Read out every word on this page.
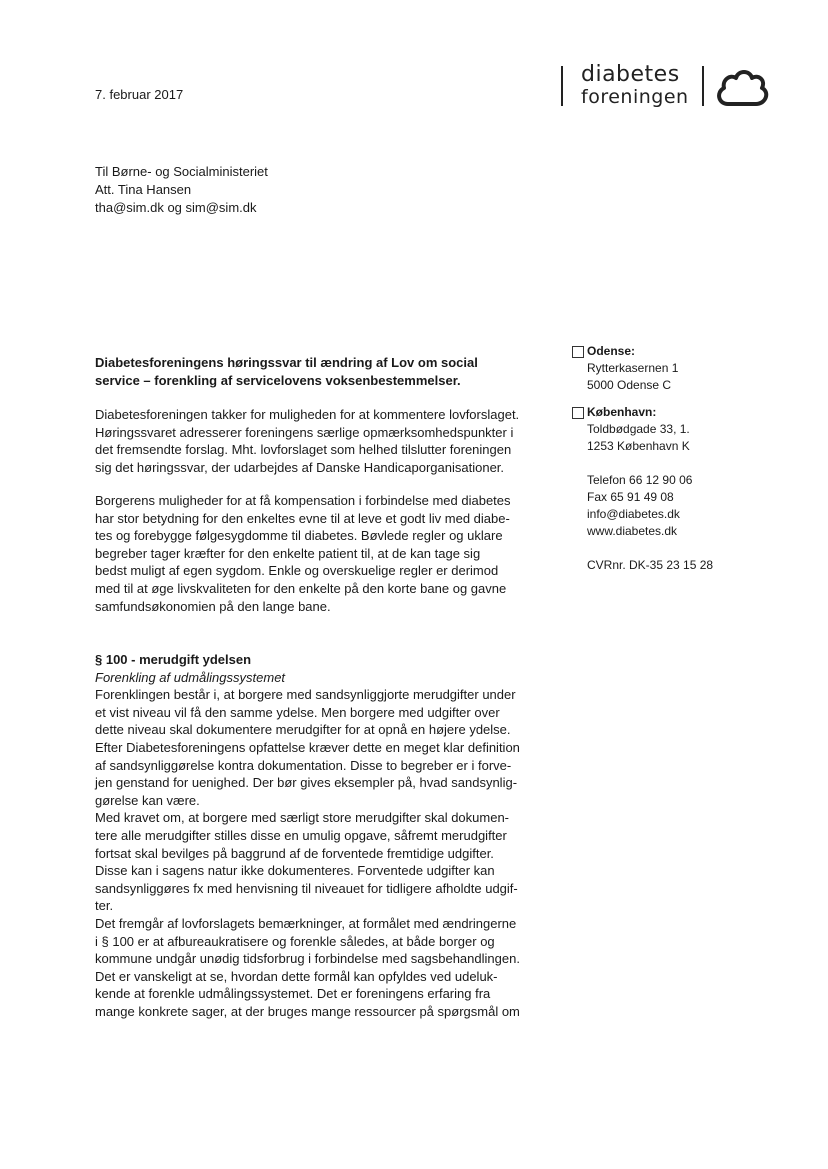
7. februar 2017
diabetes
foreningen
Til Børne- og Socialministeriet
Att. Tina Hansen
tha@sim.dk og sim@sim.dk
Odense:
Rytterkasernen 1
5000 Odense C
København:
Toldbødgade 33, 1.
1253 København K
Telefon 66 12 90 06
Fax 65 91 49 08
info@diabetes.dk
www.diabetes.dk
CVRnr. DK-35 23 15 28
Diabetesforeningens høringssvar til ændring af Lov om social
service – forenkling af servicelovens voksenbestemmelser.
Diabetesforeningen takker for muligheden for at kommentere lovforslaget.
Høringssvaret adresserer foreningens særlige opmærksomhedspunkter i
det fremsendte forslag. Mht. lovforslaget som helhed tilslutter foreningen
sig det høringssvar, der udarbejdes af Danske Handicaporganisationer.
Borgerens muligheder for at få kompensation i forbindelse med diabetes
har stor betydning for den enkeltes evne til at leve et godt liv med diabe-
tes og forebygge følgesygdomme til diabetes. Bøvlede regler og uklare
begreber tager kræfter for den enkelte patient til, at de kan tage sig
bedst muligt af egen sygdom. Enkle og overskuelige regler er derimod
med til at øge livskvaliteten for den enkelte på den korte bane og gavne
samfundsøkonomien på den lange bane.
§ 100 - merudgift ydelsen
Forenkling af udmålingssystemet
Forenklingen består i, at borgere med sandsynliggjorte merudgifter under
et vist niveau vil få den samme ydelse. Men borgere med udgifter over
dette niveau skal dokumentere merudgifter for at opnå en højere ydelse.
Efter Diabetesforeningens opfattelse kræver dette en meget klar definition
af sandsynliggørelse kontra dokumentation. Disse to begreber er i forve-
jen genstand for uenighed. Der bør gives eksempler på, hvad sandsynlig-
gørelse kan være.
Med kravet om, at borgere med særligt store merudgifter skal dokumen-
tere alle merudgifter stilles disse en umulig opgave, såfremt merudgifter
fortsat skal bevilges på baggrund af de forventede fremtidige udgifter.
Disse kan i sagens natur ikke dokumenteres. Forventede udgifter kan
sandsynliggøres fx med henvisning til niveauet for tidligere afholdte udgif-
ter.
Det fremgår af lovforslagets bemærkninger, at formålet med ændringerne
i § 100 er at afbureaukratisere og forenkle således, at både borger og
kommune undgår unødig tidsforbrug i forbindelse med sagsbehandlingen.
Det er vanskeligt at se, hvordan dette formål kan opfyldes ved udeluk-
kende at forenkle udmålingssystemet. Det er foreningens erfaring fra
mange konkrete sager, at der bruges mange ressourcer på spørgsmål om
